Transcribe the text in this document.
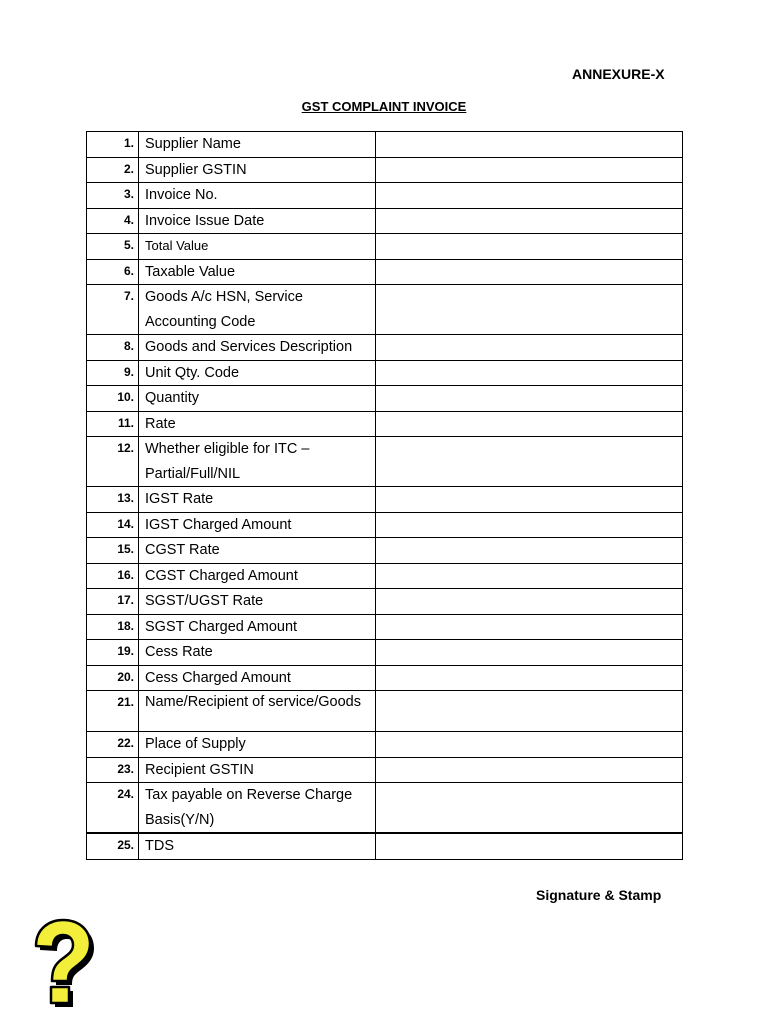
ANNEXURE-X
GST COMPLAINT INVOICE
1.	Supplier Name	
2.	Supplier GSTIN	
3.	Invoice No.	
4.	Invoice Issue Date	
5.	Total Value	
6.	Taxable Value	
7.	Goods A/c HSN, Service Accounting Code	
8.	Goods and Services Description	
9.	Unit Qty. Code	
10.	Quantity	
11.	Rate	
12.	Whether eligible for ITC – Partial/Full/NIL	
13.	IGST Rate	
14.	IGST Charged Amount	
15.	CGST Rate	
16.	CGST Charged Amount	
17.	SGST/UGST Rate	
18.	SGST Charged Amount	
19.	Cess Rate	
20.	Cess Charged Amount	
21.	Name/Recipient of service/Goods	
22.	Place of Supply	
23.	Recipient GSTIN	
24.	Tax payable on Reverse Charge Basis(Y/N)	
25.	TDS	
Signature & Stamp
